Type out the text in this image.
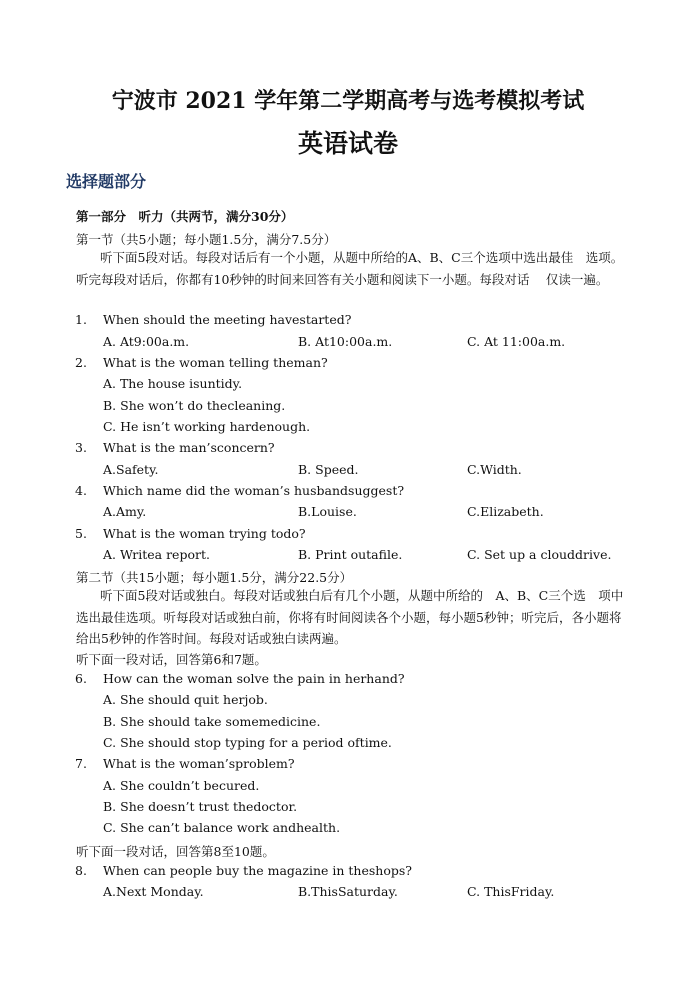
宁波市 2021 学年第二学期高考与选考模拟考试
英语试卷
选择题部分
第一部分　听力（共两节，满分30分）
第一节（共5小题；每小题1.5分，满分7.5分）
听下面5段对话。每段对话后有一个小题，从题中所给的A、B、C三个选项中选出最佳　选项。听完每段对话后，你都有10秒钟的时间来回答有关小题和阅读下一小题。每段对话　 仅读一遍。
1. When should the meeting havestarted?
A. At9:00a.m.	B. At10:00a.m.	C. At 11:00a.m.
2. What is the woman telling theman?
A. The house isuntidy.
B. She won’t do thecleaning.
C. He isn’t working hardenough.
3. What is the man’sconcern?
A.Safety.	B. Speed.	C.Width.
4. Which name did the woman’s husbandsuggest?
A.Amy.	B.Louise.	C.Elizabeth.
5. What is the woman trying todo?
A. Writea report.	B. Print outafile.	C. Set up a clouddrive.
第二节（共15小题；每小题1.5分，满分22.5分）
听下面5段对话或独白。每段对话或独白后有几个小题，从题中所给的　A、B、C三个选　项中选出最佳选项。听每段对话或独白前，你将有时间阅读各个小题，每小题5秒钟；听完后，各小题将给出5秒钟的作答时间。每段对话或独白读两遍。
听下面一段对话，回答第6和7题。
6. How can the woman solve the pain in herhand?
A. She should quit herjob.
B. She should take somemedicine.
C. She should stop typing for a period oftime.
7. What is the woman’sproblem?
A. She couldn’t becured.
B. She doesn’t trust thedoctor.
C. She can’t balance work andhealth.
听下面一段对话，回答第8至10题。
8. When can people buy the magazine in theshops?
A.Next Monday.	B.ThisSaturday.	C. ThisFriday.
